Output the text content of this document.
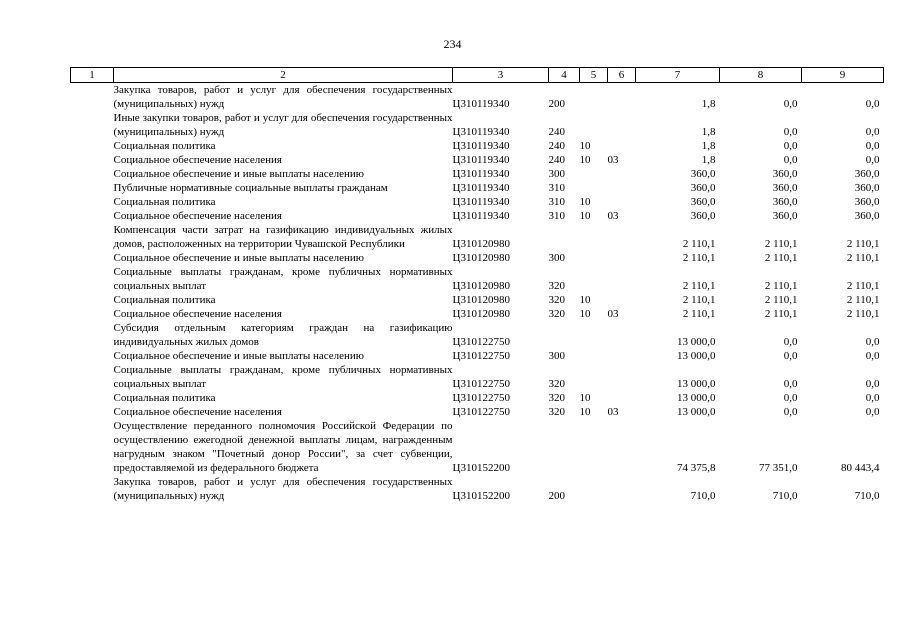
234
1	2	3	4	5	6	7	8	9

	Закупка товаров, работ и услуг для обеспечения государственных (муниципальных) нужд	Ц310119340	200			1,8	0,0	0,0

	Иные закупки товаров, работ и услуг для обеспечения государственных (муниципальных) нужд	Ц310119340	240			1,8	0,0	0,0

	Социальная политика	Ц310119340	240	10		1,8	0,0	0,0

	Социальное обеспечение населения	Ц310119340	240	10	03	1,8	0,0	0,0

	Социальное обеспечение и иные выплаты населению	Ц310119340	300			360,0	360,0	360,0

	Публичные нормативные социальные выплаты гражданам	Ц310119340	310			360,0	360,0	360,0

	Социальная политика	Ц310119340	310	10		360,0	360,0	360,0

	Социальное обеспечение населения	Ц310119340	310	10	03	360,0	360,0	360,0

	Компенсация части затрат на газификацию индивидуальных жилых домов, расположенных на территории Чувашской Республики	Ц310120980				2 110,1	2 110,1	2 110,1

	Социальное обеспечение и иные выплаты населению	Ц310120980	300			2 110,1	2 110,1	2 110,1

	Социальные выплаты гражданам, кроме публичных нормативных социальных выплат	Ц310120980	320			2 110,1	2 110,1	2 110,1

	Социальная политика	Ц310120980	320	10		2 110,1	2 110,1	2 110,1

	Социальное обеспечение населения	Ц310120980	320	10	03	2 110,1	2 110,1	2 110,1

	Субсидия отдельным категориям граждан на газификацию индивидуальных жилых домов	Ц310122750				13 000,0	0,0	0,0

	Социальное обеспечение и иные выплаты населению	Ц310122750	300			13 000,0	0,0	0,0

	Социальные выплаты гражданам, кроме публичных нормативных социальных выплат	Ц310122750	320			13 000,0	0,0	0,0

	Социальная политика	Ц310122750	320	10		13 000,0	0,0	0,0

	Социальное обеспечение населения	Ц310122750	320	10	03	13 000,0	0,0	0,0

	Осуществление переданного полномочия Российской Федерации по осуществлению ежегодной денежной выплаты лицам, награжденным нагрудным знаком "Почетный донор России", за счет субвенции, предоставляемой из федерального бюджета	Ц310152200				74 375,8	77 351,0	80 443,4

	Закупка товаров, работ и услуг для обеспечения государственных (муниципальных) нужд	Ц310152200	200			710,0	710,0	710,0
